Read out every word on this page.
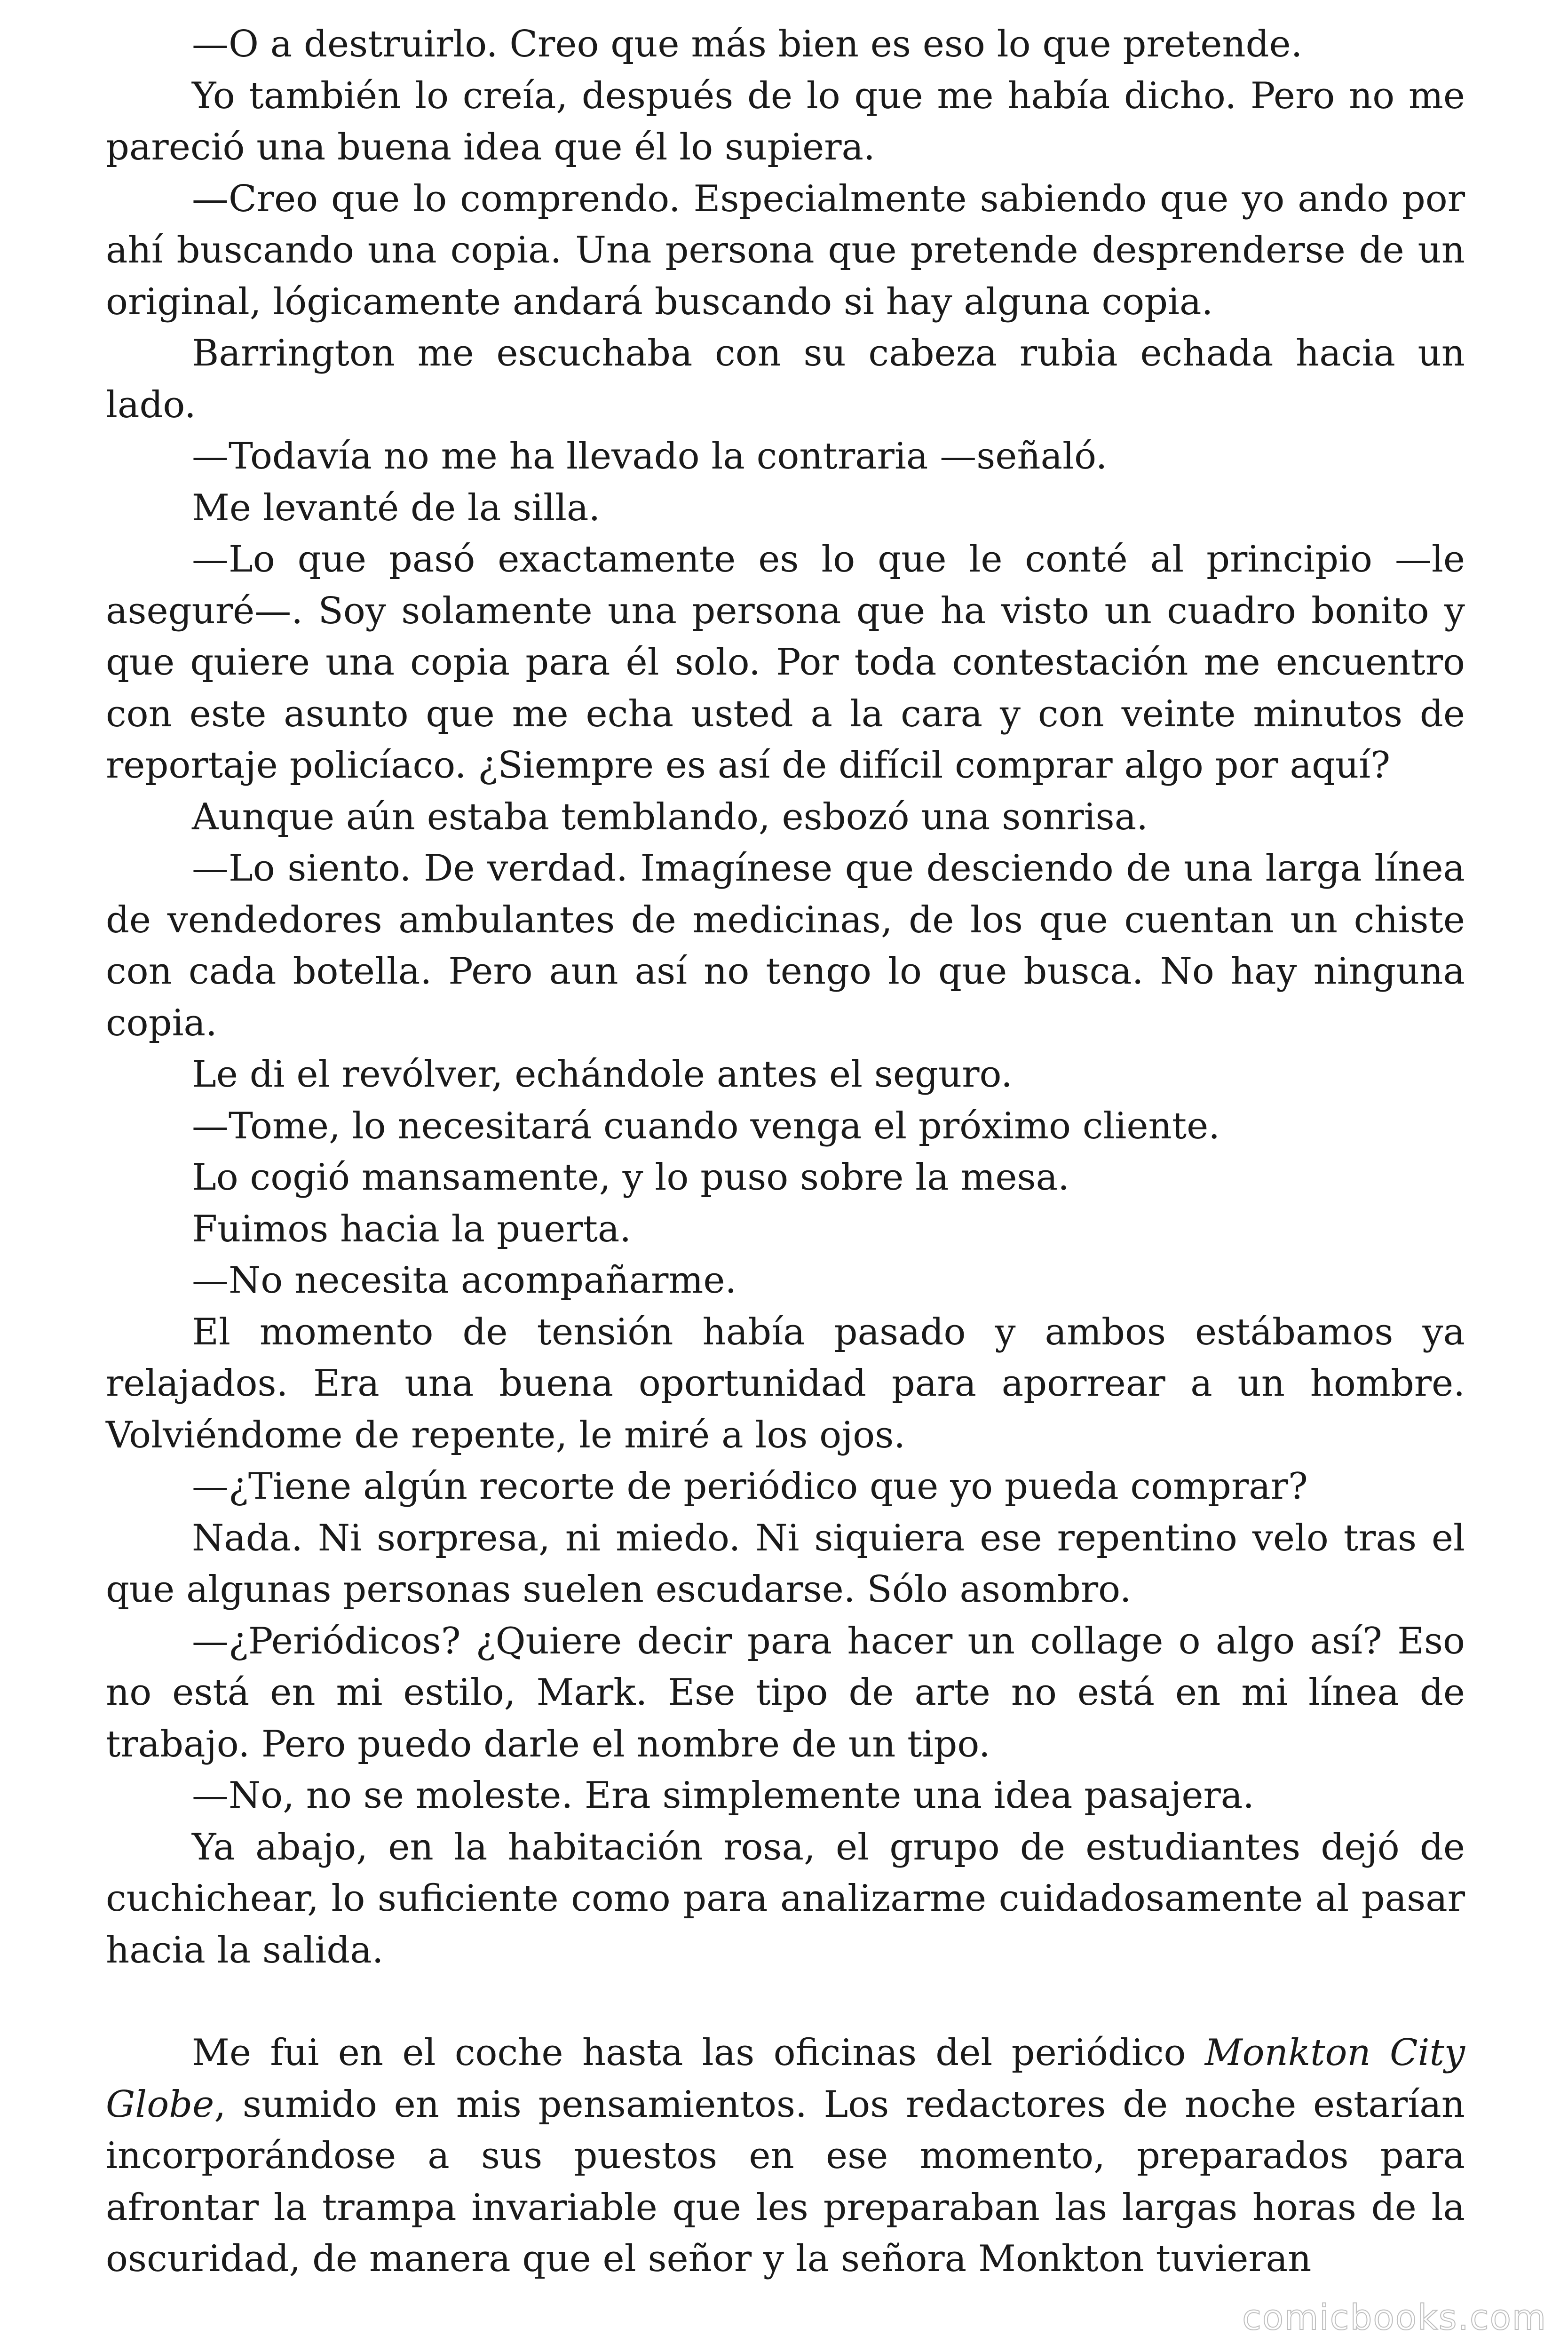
—O a destruirlo. Creo que más bien es eso lo que pretende.

Yo también lo creía, después de lo que me había dicho. Pero no me pareció una buena idea que él lo supiera.

—Creo que lo comprendo. Especialmente sabiendo que yo ando por ahí buscando una copia. Una persona que pretende desprenderse de un original, lógicamente andará buscando si hay alguna copia.

Barrington me escuchaba con su cabeza rubia echada hacia un lado.

—Todavía no me ha llevado la contraria —señaló.

Me levanté de la silla.

—Lo que pasó exactamente es lo que le conté al principio —le aseguré—. Soy solamente una persona que ha visto un cuadro bonito y que quiere una copia para él solo. Por toda contestación me encuentro con este asunto que me echa usted a la cara y con veinte minutos de reportaje policíaco. ¿Siempre es así de difícil comprar algo por aquí?

Aunque aún estaba temblando, esbozó una sonrisa.

—Lo siento. De verdad. Imagínese que desciendo de una larga línea de vendedores ambulantes de medicinas, de los que cuentan un chiste con cada botella. Pero aun así no tengo lo que busca. No hay ninguna copia.

Le di el revólver, echándole antes el seguro.

—Tome, lo necesitará cuando venga el próximo cliente.

Lo cogió mansamente, y lo puso sobre la mesa.

Fuimos hacia la puerta.

—No necesita acompañarme.

El momento de tensión había pasado y ambos estábamos ya relajados. Era una buena oportunidad para aporrear a un hombre. Volviéndome de repente, le miré a los ojos.

—¿Tiene algún recorte de periódico que yo pueda comprar?

Nada. Ni sorpresa, ni miedo. Ni siquiera ese repentino velo tras el que algunas personas suelen escudarse. Sólo asombro.

—¿Periódicos? ¿Quiere decir para hacer un collage o algo así? Eso no está en mi estilo, Mark. Ese tipo de arte no está en mi línea de trabajo. Pero puedo darle el nombre de un tipo.

—No, no se moleste. Era simplemente una idea pasajera.

Ya abajo, en la habitación rosa, el grupo de estudiantes dejó de cuchichear, lo suficiente como para analizarme cuidadosamente al pasar hacia la salida.

Me fui en el coche hasta las oficinas del periódico Monkton City Globe, sumido en mis pensamientos. Los redactores de noche estarían incorporándose a sus puestos en ese momento, preparados para afrontar la trampa invariable que les preparaban las largas horas de la oscuridad, de manera que el señor y la señora Monkton tuvieran

comicbooks.com
